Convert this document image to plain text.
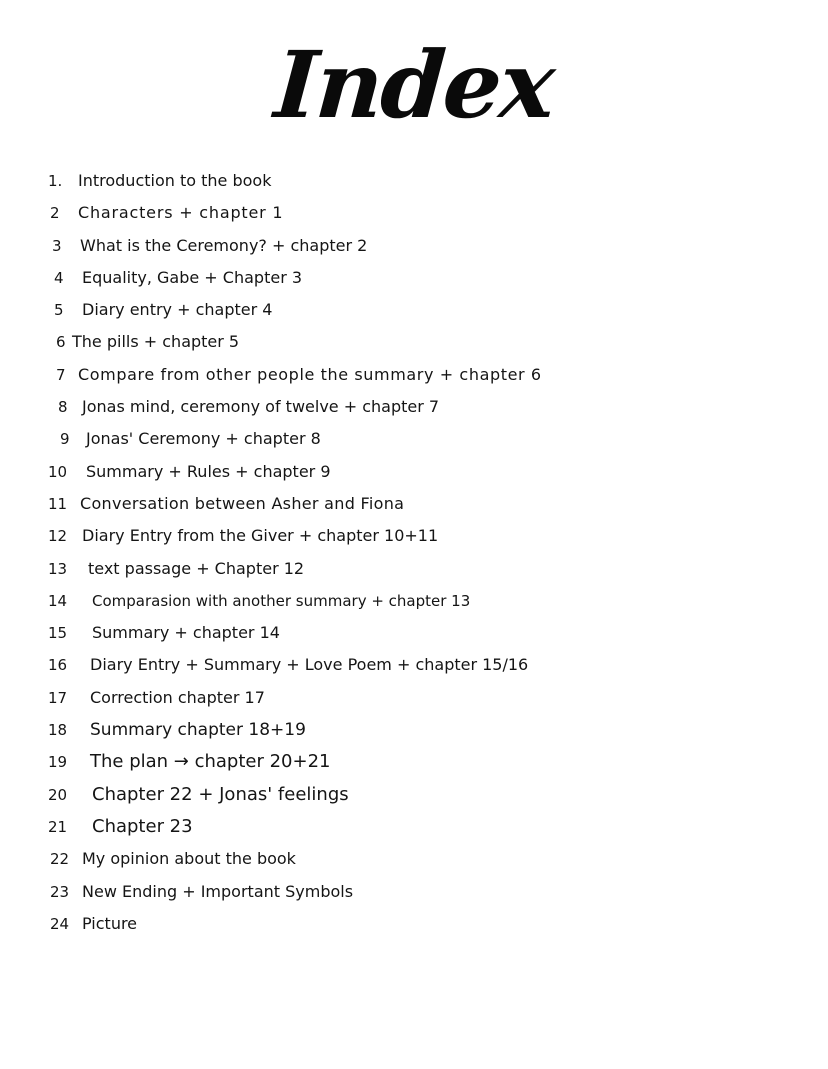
Index
1. Introduction to the book
2 Characters + chapter 1
3 What is the Ceremony? + chapter 2
4 Equality, Gabe + Chapter 3
5 Diary entry + chapter 4
6 The pills + chapter 5
7 Compare from other people the summary + chapter 6
8 Jonas mind, ceremony of twelve + chapter 7
9 Jonas' Ceremony + chapter 8
10 Summary + Rules + chapter 9
11 Conversation between Asher and Fiona
12 Diary Entry from the Giver + chapter 10+11
13 text passage + Chapter 12
14 Comparasion with another summary + chapter 13
15 Summary + chapter 14
16 Diary Entry + Summary + Love Poem + chapter 15/16
17 Correction chapter 17
18 Summary chapter 18+19
19 The plan → chapter 20+21
20 Chapter 22 + Jonas' feelings
21 Chapter 23
22 My opinion about the book
23 New Ending + Important Symbols
24 Picture
